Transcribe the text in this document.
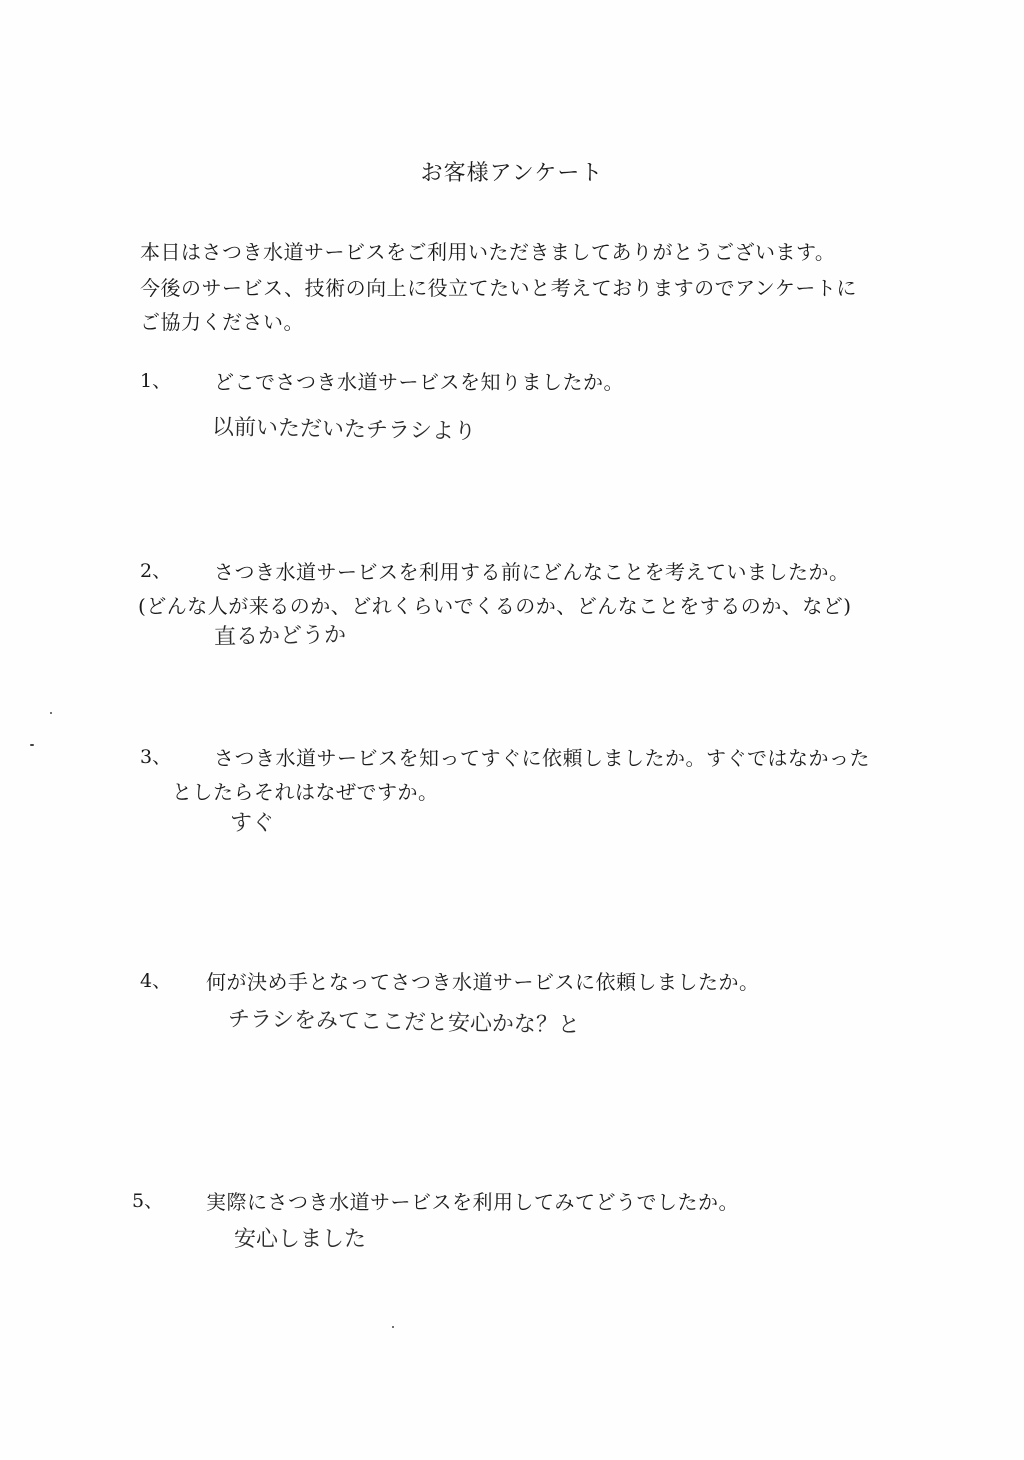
お客様アンケート
本日はさつき水道サービスをご利用いただきましてありがとうございます。
今後のサービス、技術の向上に役立てたいと考えておりますのでアンケートに
ご協力ください。
1、 どこでさつき水道サービスを知りましたか。
以前いただいたチラシより
2、 さつき水道サービスを利用する前にどんなことを考えていましたか。
(どんな人が来るのか、どれくらいでくるのか、どんなことをするのか、など)
直るかどうか
3、 さつき水道サービスを知ってすぐに依頼しましたか。すぐではなかった
としたらそれはなぜですか。
すぐ
4、 何が決め手となってさつき水道サービスに依頼しましたか。
チラシをみてここだと安心かな？と
5、 実際にさつき水道サービスを利用してみてどうでしたか。
安心しました
